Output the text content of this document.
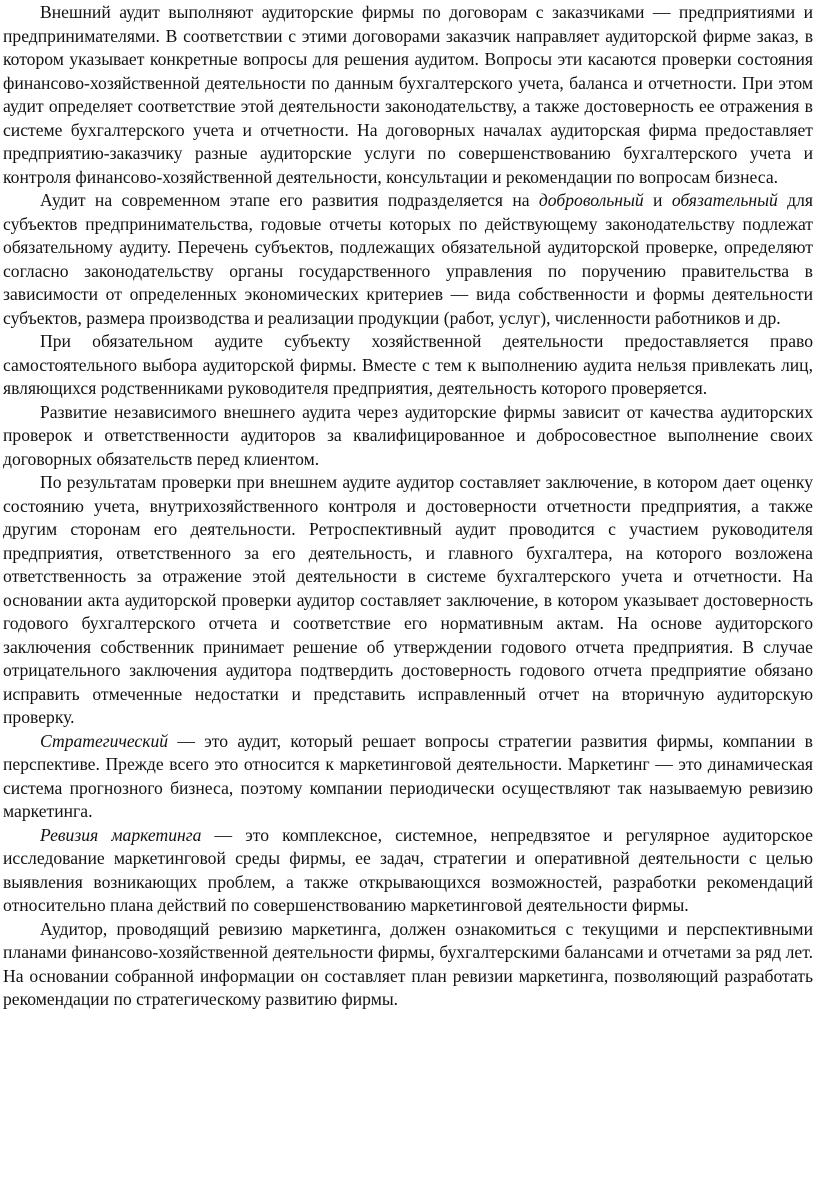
Внешний аудит выполняют аудиторские фирмы по договорам с заказчиками — предприятиями и предпринимателями. В соответствии с этими договорами заказчик направляет аудиторской фирме заказ, в котором указывает конкретные вопросы для решения аудитом. Вопросы эти касаются проверки состояния финансово-хозяйственной деятельности по данным бухгалтерского учета, баланса и отчетности. При этом аудит определяет соответствие этой деятельности законодательству, а также достоверность ее отражения в системе бухгалтерского учета и отчетности. На договорных началах аудиторская фирма предоставляет предприятию-заказчику разные аудиторские услуги по совершенствованию бухгалтерского учета и контроля финансово-хозяйственной деятельности, консультации и рекомендации по вопросам бизнеса.

Аудит на современном этапе его развития подразделяется на добровольный и обязательный для субъектов предпринимательства, годовые отчеты которых по действующему законодательству подлежат обязательному аудиту. Перечень субъектов, подлежащих обязательной аудиторской проверке, определяют согласно законодательству органы государственного управления по поручению правительства в зависимости от определенных экономических критериев — вида собственности и формы деятельности субъектов, размера производства и реализации продукции (работ, услуг), численности работников и др.

При обязательном аудите субъекту хозяйственной деятельности предоставляется право самостоятельного выбора аудиторской фирмы. Вместе с тем к выполнению аудита нельзя привлекать лиц, являющихся родственниками руководителя предприятия, деятельность которого проверяется.

Развитие независимого внешнего аудита через аудиторские фирмы зависит от качества аудиторских проверок и ответственности аудиторов за квалифицированное и добросовестное выполнение своих договорных обязательств перед клиентом.

По результатам проверки при внешнем аудите аудитор составляет заключение, в котором дает оценку состоянию учета, внутрихозяйственного контроля и достоверности отчетности предприятия, а также другим сторонам его деятельности. Ретроспективный аудит проводится с участием руководителя предприятия, ответственного за его деятельность, и главного бухгалтера, на которого возложена ответственность за отражение этой деятельности в системе бухгалтерского учета и отчетности. На основании акта аудиторской проверки аудитор составляет заключение, в котором указывает достоверность годового бухгалтерского отчета и соответствие его нормативным актам. На основе аудиторского заключения собственник принимает решение об утверждении годового отчета предприятия. В случае отрицательного заключения аудитора подтвердить достоверность годового отчета предприятие обязано исправить отмеченные недостатки и представить исправленный отчет на вторичную аудиторскую проверку.

Стратегический — это аудит, который решает вопросы стратегии развития фирмы, компании в перспективе. Прежде всего это относится к маркетинговой деятельности. Маркетинг — это динамическая система прогнозного бизнеса, поэтому компании периодически осуществляют так называемую ревизию маркетинга.

Ревизия маркетинга — это комплексное, системное, непредвзятое и регулярное аудиторское исследование маркетинговой среды фирмы, ее задач, стратегии и оперативной деятельности с целью выявления возникающих проблем, а также открывающихся возможностей, разработки рекомендаций относительно плана действий по совершенствованию маркетинговой деятельности фирмы.

Аудитор, проводящий ревизию маркетинга, должен ознакомиться с текущими и перспективными планами финансово-хозяйственной деятельности фирмы, бухгалтерскими балансами и отчетами за ряд лет. На основании собранной информации он составляет план ревизии маркетинга, позволяющий разработать рекомендации по стратегическому развитию фирмы.
